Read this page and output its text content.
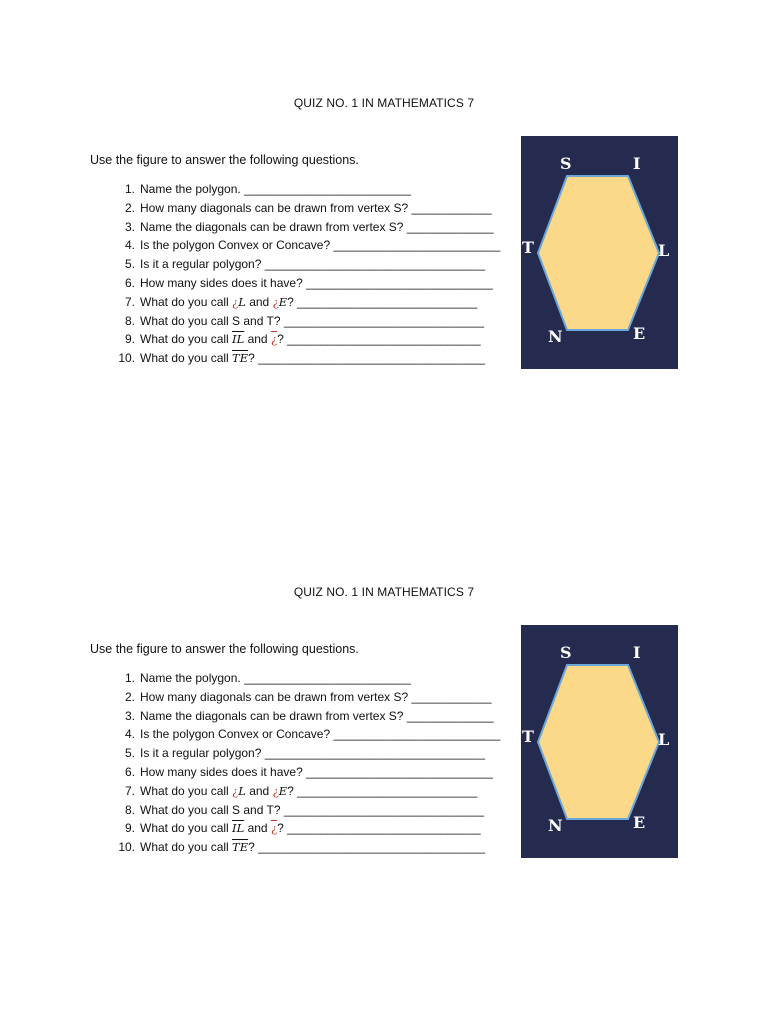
QUIZ NO. 1 IN MATHEMATICS 7
Use the figure to answer the following questions.
1. Name the polygon. _________________________
2. How many diagonals can be drawn from vertex S? ____________
3. Name the diagonals can be drawn from vertex S? _____________
4. Is the polygon Convex or Concave? _________________________
5. Is it a regular polygon? _________________________________
6. How many sides does it have? ____________________________
7. What do you call ¿L and ¿E? ___________________________
8. What do you call S and T? ______________________________
9. What do you call $\overline{IL}$ and ¿? _____________________________
10. What do you call $\overline{TE}$? __________________________________
S	I
T	L
N	E
QUIZ NO. 1 IN MATHEMATICS 7
Use the figure to answer the following questions.
1. Name the polygon. _________________________
2. How many diagonals can be drawn from vertex S? ____________
3. Name the diagonals can be drawn from vertex S? _____________
4. Is the polygon Convex or Concave? _________________________
5. Is it a regular polygon? _________________________________
6. How many sides does it have? ____________________________
7. What do you call ¿L and ¿E? ___________________________
8. What do you call S and T? ______________________________
9. What do you call $\overline{IL}$ and ¿? _____________________________
10. What do you call $\overline{TE}$? __________________________________
S	I
T	L
N	E
